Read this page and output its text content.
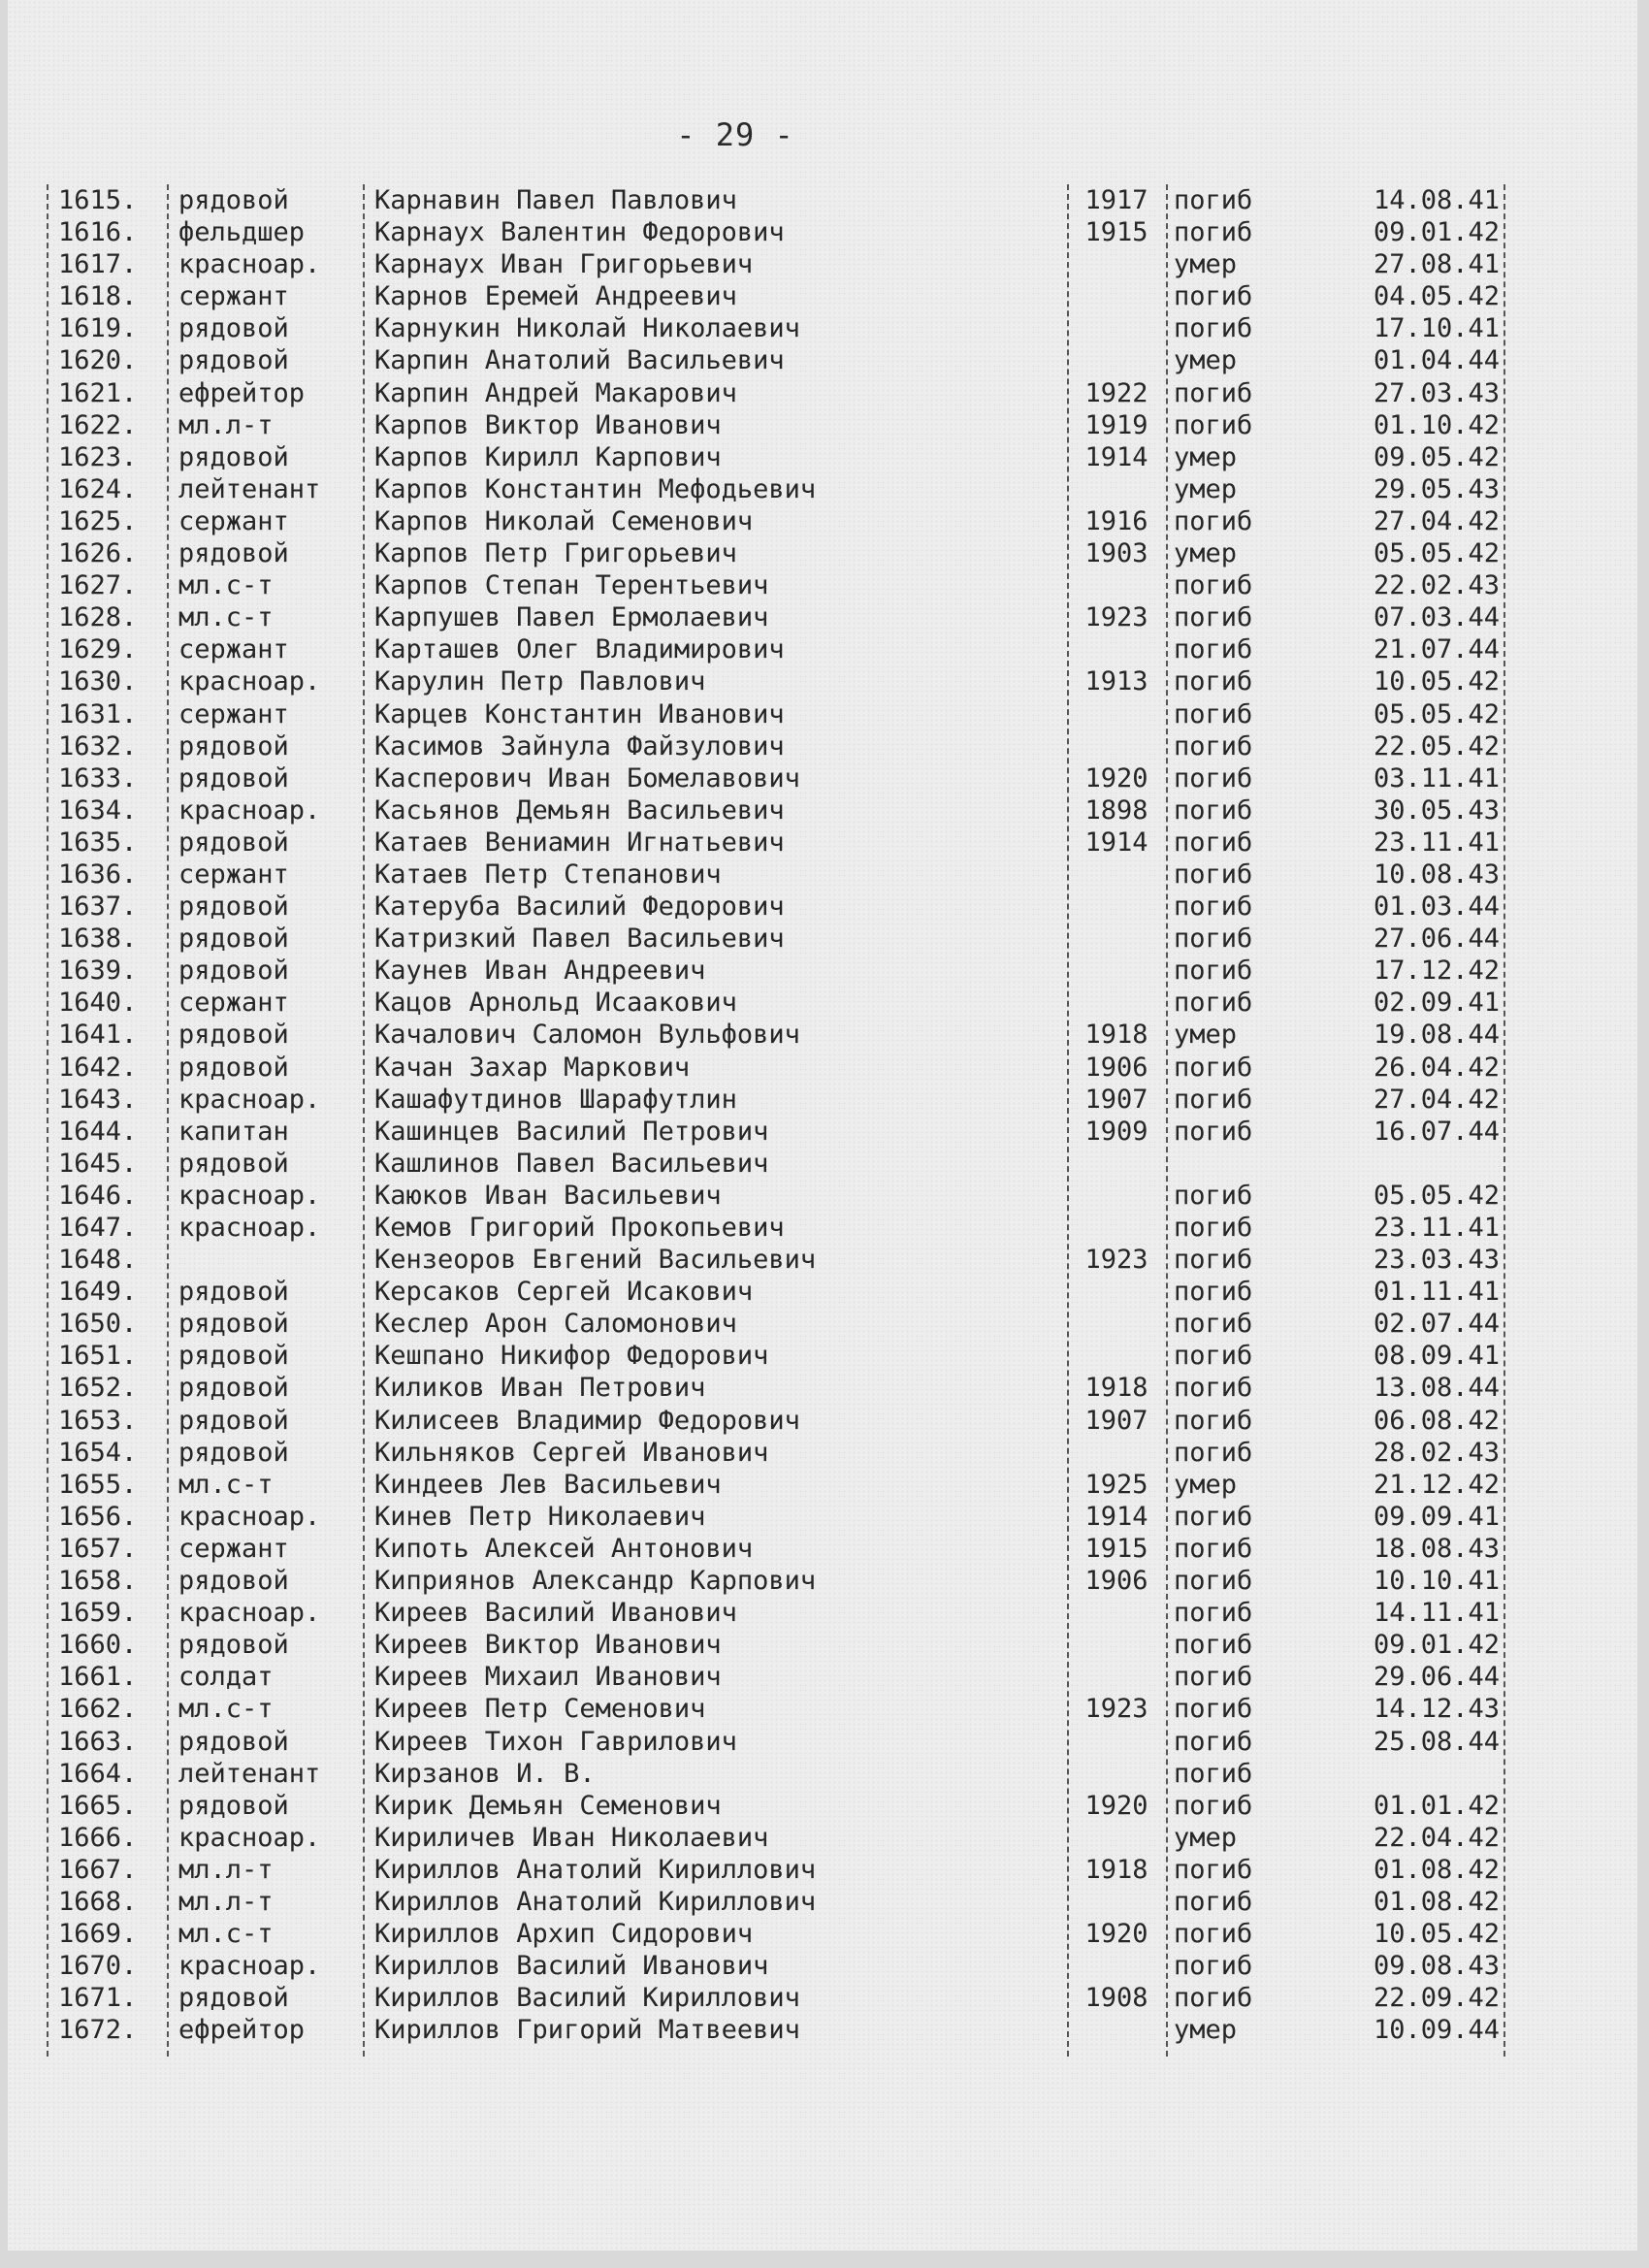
- 29 -
1615.	рядовой	Карнавин Павел Павлович	1917 погиб	14.08.41
1616.	фельдшер	Карнаух Валентин Федорович	1915 погиб	09.01.42
1617.	красноар.	Карнаух Иван Григорьевич	умер	27.08.41
1618.	сержант	Карнов Еремей Андреевич	погиб	04.05.42
1619.	рядовой	Карнукин Николай Николаевич	погиб	17.10.41
1620.	рядовой	Карпин Анатолий Васильевич	умер	01.04.44
1621.	ефрейтор	Карпин Андрей Макарович	1922 погиб	27.03.43
1622.	мл.л-т	Карпов Виктор Иванович	1919 погиб	01.10.42
1623.	рядовой	Карпов Кирилл Карпович	1914 умер	09.05.42
1624.	лейтенант	Карпов Константин Мефодьевич	умер	29.05.43
1625.	сержант	Карпов Николай Семенович	1916 погиб	27.04.42
1626.	рядовой	Карпов Петр Григорьевич	1903 умер	05.05.42
1627.	мл.с-т	Карпов Степан Терентьевич	погиб	22.02.43
1628.	мл.с-т	Карпушев Павел Ермолаевич	1923 погиб	07.03.44
1629.	сержант	Карташев Олег Владимирович	погиб	21.07.44
1630.	красноар.	Карулин Петр Павлович	1913 погиб	10.05.42
1631.	сержант	Карцев Константин Иванович	погиб	05.05.42
1632.	рядовой	Касимов Зайнула Файзулович	погиб	22.05.42
1633.	рядовой	Касперович Иван Бомелавович	1920 погиб	03.11.41
1634.	красноар.	Касьянов Демьян Васильевич	1898 погиб	30.05.43
1635.	рядовой	Катаев Вениамин Игнатьевич	1914 погиб	23.11.41
1636.	сержант	Катаев Петр Степанович	погиб	10.08.43
1637.	рядовой	Катеруба Василий Федорович	погиб	01.03.44
1638.	рядовой	Катризкий Павел Васильевич	погиб	27.06.44
1639.	рядовой	Каунев Иван Андреевич	погиб	17.12.42
1640.	сержант	Кацов Арнольд Исаакович	погиб	02.09.41
1641.	рядовой	Качалович Саломон Вульфович	1918 умер	19.08.44
1642.	рядовой	Качан Захар Маркович	1906 погиб	26.04.42
1643.	красноар.	Кашафутдинов Шарафутлин	1907 погиб	27.04.42
1644.	капитан	Кашинцев Василий Петрович	1909 погиб	16.07.44
1645.	рядовой	Кашлинов Павел Васильевич
1646.	красноар.	Каюков Иван Васильевич	погиб	05.05.42
1647.	красноар.	Кемов Григорий Прокопьевич	погиб	23.11.41
1648.	Кензеоров Евгений Васильевич	1923 погиб	23.03.43
1649.	рядовой	Керсаков Сергей Исакович	погиб	01.11.41
1650.	рядовой	Кеслер Арон Саломонович	погиб	02.07.44
1651.	рядовой	Кешпано Никифор Федорович	погиб	08.09.41
1652.	рядовой	Киликов Иван Петрович	1918 погиб	13.08.44
1653.	рядовой	Килисеев Владимир Федорович	1907 погиб	06.08.42
1654.	рядовой	Кильняков Сергей Иванович	погиб	28.02.43
1655.	мл.с-т	Киндеев Лев Васильевич	1925 умер	21.12.42
1656.	красноар.	Кинев Петр Николаевич	1914 погиб	09.09.41
1657.	сержант	Кипоть Алексей Антонович	1915 погиб	18.08.43
1658.	рядовой	Киприянов Александр Карпович	1906 погиб	10.10.41
1659.	красноар.	Киреев Василий Иванович	погиб	14.11.41
1660.	рядовой	Киреев Виктор Иванович	погиб	09.01.42
1661.	солдат	Киреев Михаил Иванович	погиб	29.06.44
1662.	мл.с-т	Киреев Петр Семенович	1923 погиб	14.12.43
1663.	рядовой	Киреев Тихон Гаврилович	погиб	25.08.44
1664.	лейтенант	Кирзанов И. В.	погиб
1665.	рядовой	Кирик Демьян Семенович	1920 погиб	01.01.42
1666.	красноар.	Кириличев Иван Николаевич	умер	22.04.42
1667.	мл.л-т	Кириллов Анатолий Кириллович	1918 погиб	01.08.42
1668.	мл.л-т	Кириллов Анатолий Кириллович	погиб	01.08.42
1669.	мл.с-т	Кириллов Архип Сидорович	1920 погиб	10.05.42
1670.	красноар.	Кириллов Василий Иванович	погиб	09.08.43
1671.	рядовой	Кириллов Василий Кириллович	1908 погиб	22.09.42
1672.	ефрейтор	Кириллов Григорий Матвеевич	умер	10.09.44
